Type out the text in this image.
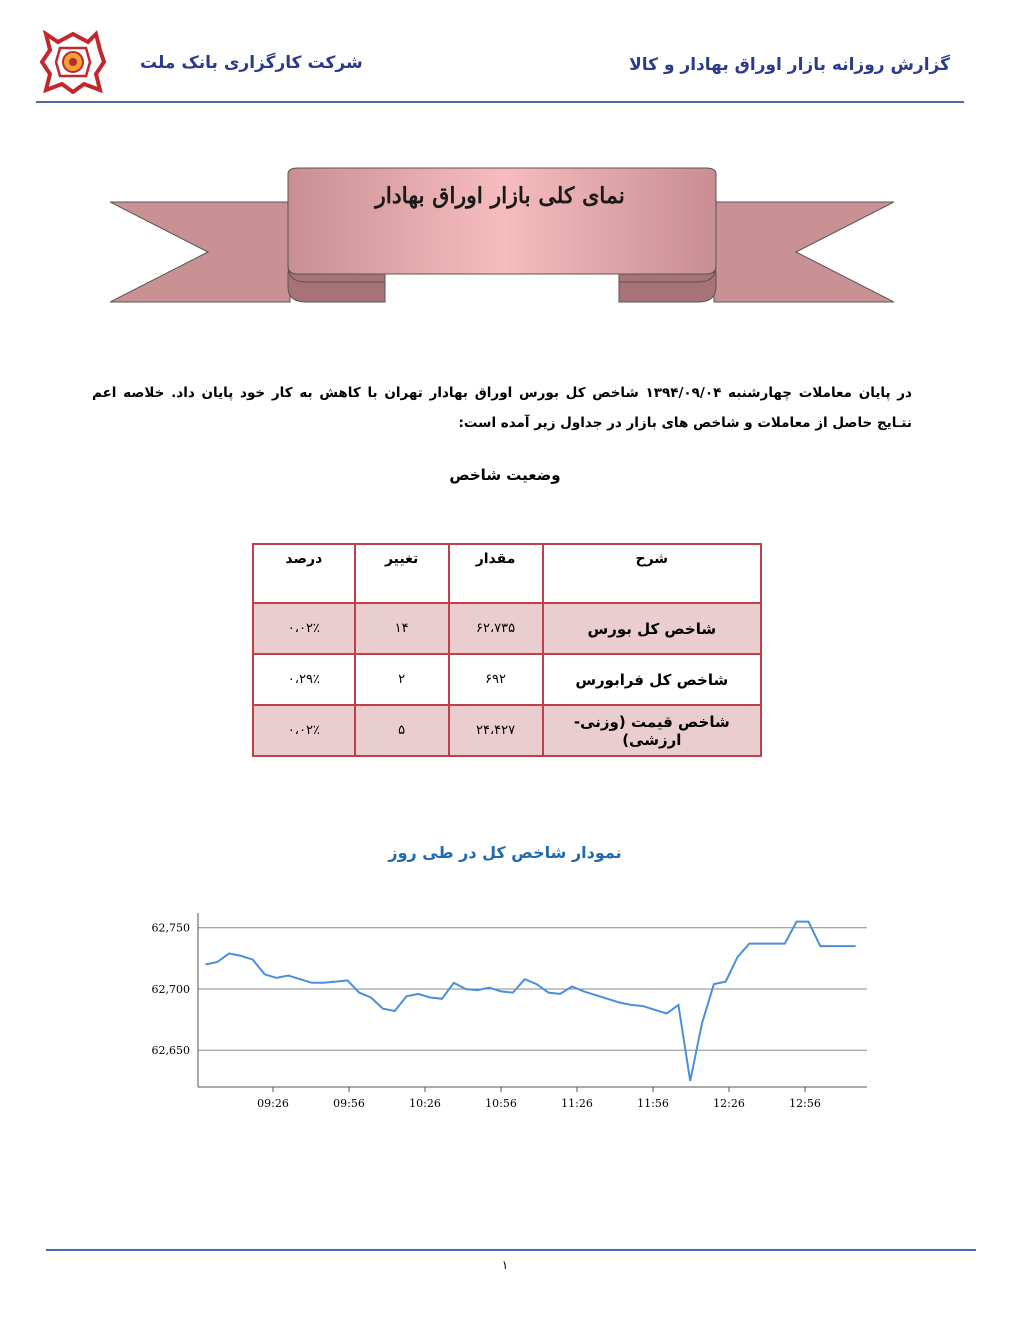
گزارش روزانه بازار اوراق بهادار و کالا
شرکت کارگزاری بانک ملت
نمای کلی بازار اوراق بهادار
در پایان معاملات چهارشنبه ۱۳۹۴/۰۹/۰۴ شاخص کل بورس اوراق بهادار تهران با کاهش به کار خود پایان داد. خلاصه اعم نتـایج حاصل از معاملات و شاخص های بازار در جداول زیر آمده است:
وضعیت شاخص
شرح	مقدار	تغییر	درصد
شاخص کل بورس	۶۲،۷۳۵	۱۴	۰،۰۲٪
شاخص کل فرابورس	۶۹۲	۲	۰،۲۹٪
شاخص قیمت (وزنی-ارزشی)	۲۴،۴۲۷	۵	۰،۰۲٪
نمودار شاخص کل در طی روز
62,650
62,700
62,750
09:26	09:56	10:26	10:56	11:26	11:56	12:26	12:56
۱
